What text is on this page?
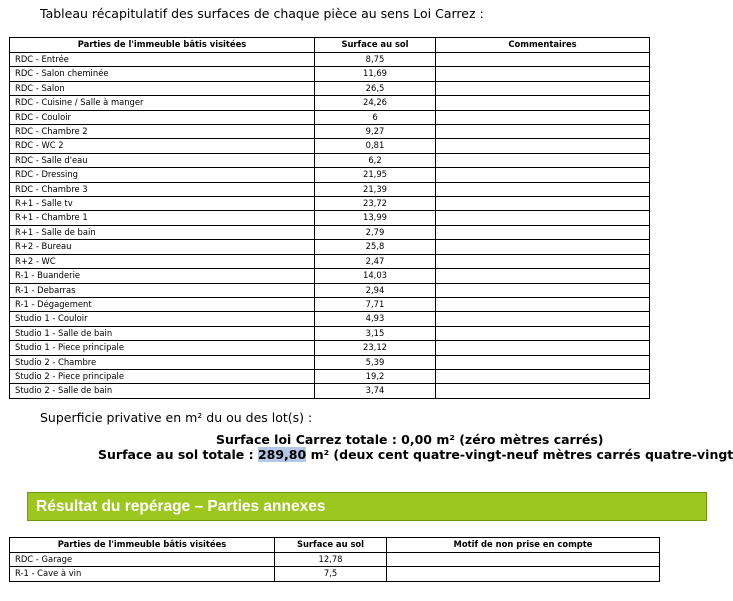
Tableau récapitulatif des surfaces de chaque pièce au sens Loi Carrez :
Parties de l'immeuble bâtis visitées	Surface au sol	Commentaires
RDC - Entrée	8,75	
RDC - Salon cheminée	11,69	
RDC - Salon	26,5	
RDC - Cuisine / Salle à manger	24,26	
RDC - Couloir	6	
RDC - Chambre 2	9,27	
RDC - WC 2	0,81	
RDC - Salle d'eau	6,2	
RDC - Dressing	21,95	
RDC - Chambre 3	21,39	
R+1 - Salle tv	23,72	
R+1 - Chambre 1	13,99	
R+1 - Salle de bain	2,79	
R+2 - Bureau	25,8	
R+2 - WC	2,47	
R-1 - Buanderie	14,03	
R-1 - Debarras	2,94	
R-1 - Dégagement	7,71	
Studio 1 - Couloir	4,93	
Studio 1 - Salle de bain	3,15	
Studio 1 - Piece principale	23,12	
Studio 2 - Chambre	5,39	
Studio 2 - Piece principale	19,2	
Studio 2 - Salle de bain	3,74	
Superficie privative en m² du ou des lot(s) :
Surface loi Carrez totale : 0,00 m² (zéro mètres carrés)
Surface au sol totale : 289,80 m² (deux cent quatre-vingt-neuf mètres carrés quatre-vingt
Résultat du repérage – Parties annexes
Parties de l'immeuble bâtis visitées	Surface au sol	Motif de non prise en compte
RDC - Garage	12,78	
R-1 - Cave à vin	7,5	
